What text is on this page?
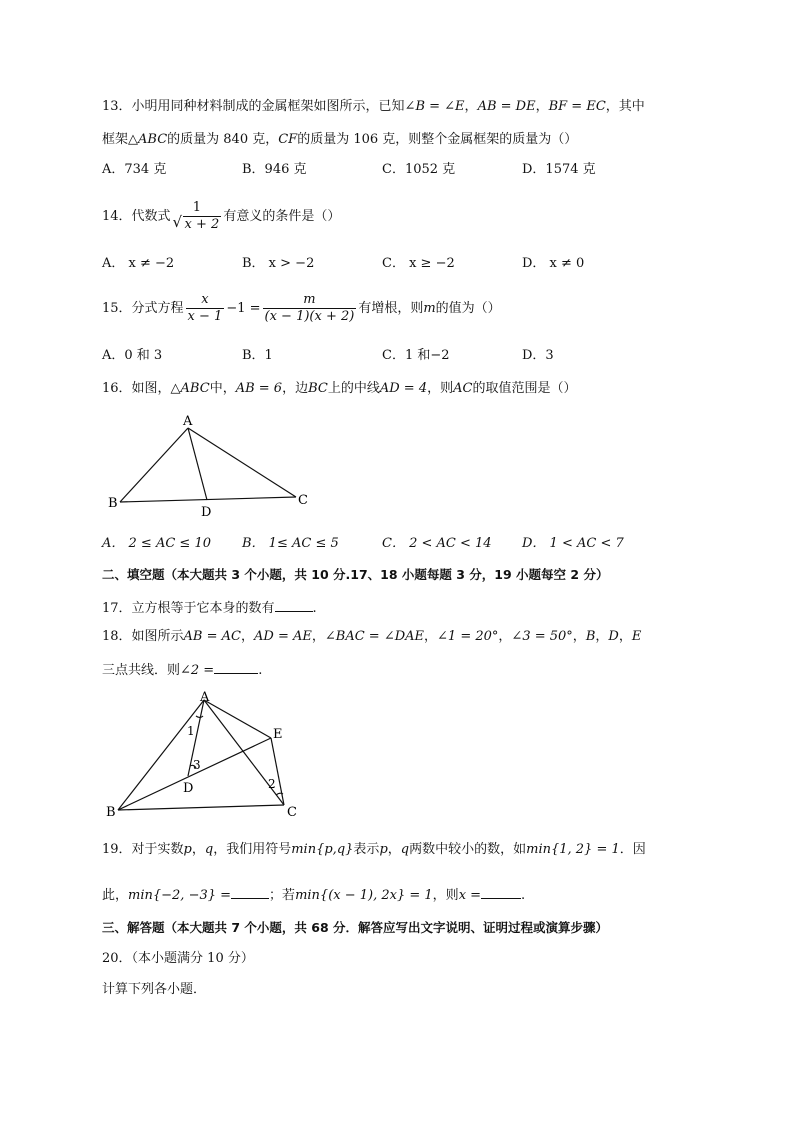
13．小明用同种材料制成的金属框架如图所示，已知∠B = ∠E，AB = DE，BF = EC，其中
框架△ABC的质量为 840 克，CF的质量为 106 克，则整个金属框架的质量为（）
A．734 克	B．946 克	C．1052 克	D．1574 克
14．代数式
1
√ x + 2
有意义的条件是（）
A． x ≠ −2	B． x > −2	C． x ≥ −2	D． x ≠ 0
15．分式方程 $\frac{x}{x - 1} -1 = \frac{m}{(x - 1)(x + 2)}$ 有增根，则m的值为（）
A．0 和 3	B．1	C．1 和−2	D．3
16．如图，△ABC中，AB = 6，边BC上的中线AD = 4，则AC的取值范围是（）
A
B	C
D
A． 2 ≤ AC ≤ 10 B． 1≤ AC ≤ 5	C． 2 < AC < 14 D． 1 < AC < 7
二、填空题（本大题共 3 个小题，共 10 分.17、18 小题每题 3 分，19 小题每空 2 分）
17．立方根等于它本身的数有	.
18．如图所示AB = AC，AD = AE，∠BAC = ∠DAE，∠1 = 20°，∠3 = 50°，B，D，E
三点共线．则∠2 =	.
A
B	C
D
E
1
3
2
19．对于实数p，q，我们用符号min{p,q}表示p，q两数中较小的数，如min{1, 2} = 1．因
此，min{−2, −3} =	；若min{(x − 1), 2x} = 1，则x =	.
三、解答题（本大题共 7 个小题，共 68 分．解答应写出文字说明、证明过程或演算步骤）
20．（本小题满分 10 分）
计算下列各小题．
